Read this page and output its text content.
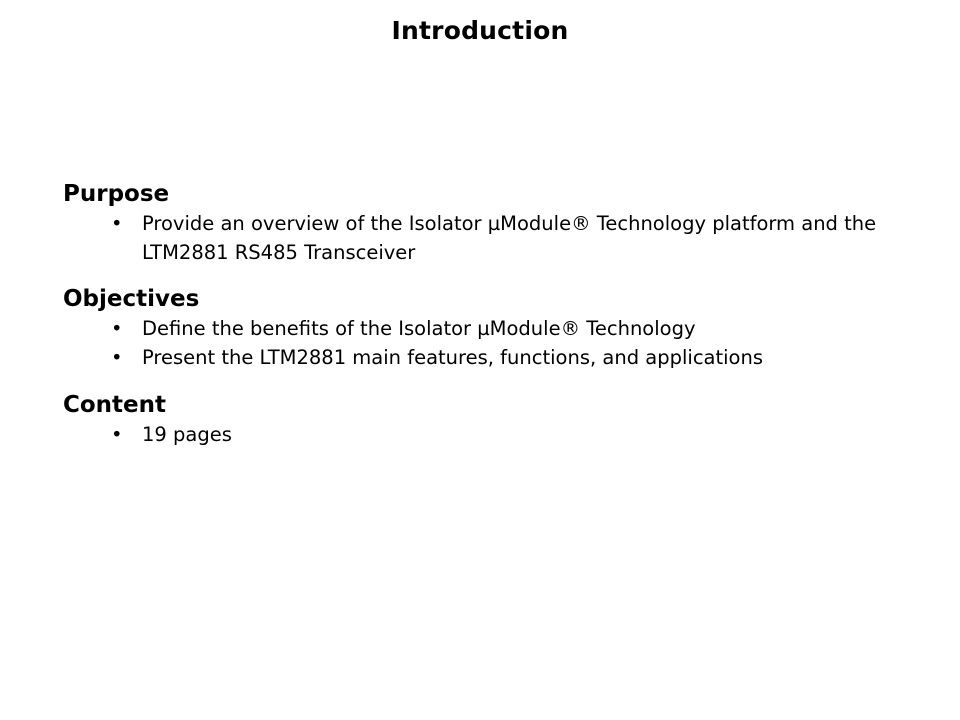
Introduction
Purpose
• Provide an overview of the Isolator µModule® Technology platform and the LTM2881 RS485 Transceiver
Objectives
• Define the benefits of the Isolator µModule® Technology
• Present the LTM2881 main features, functions, and applications
Content
• 19 pages
